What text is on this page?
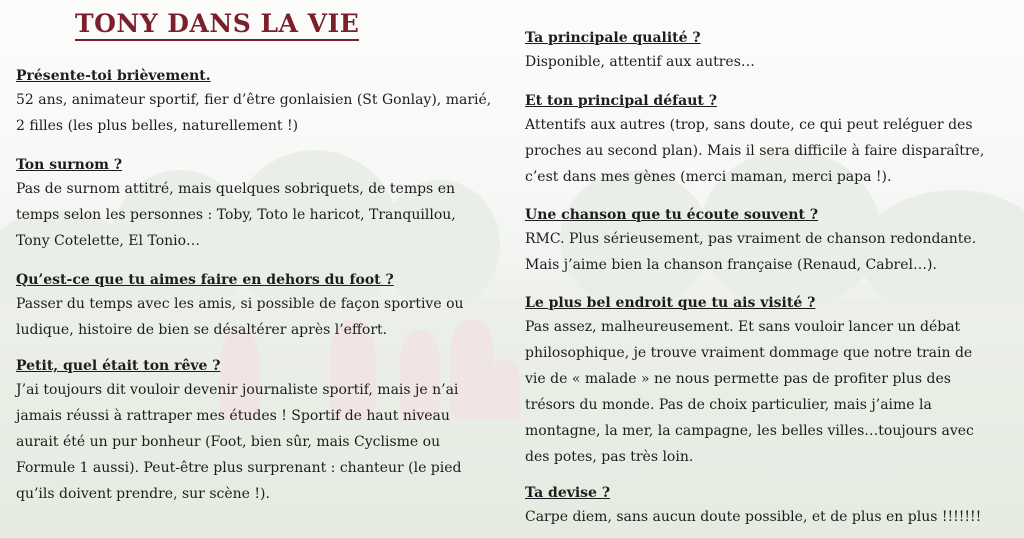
TONY DANS LA VIE

Présente-toi brièvement.

52 ans, animateur sportif, fier d’être gonlaisien (St Gonlay), marié,
2 filles (les plus belles, naturellement !)

Ton surnom ?

Pas de surnom attitré, mais quelques sobriquets, de temps en
temps selon les personnes : Toby, Toto le haricot, Tranquillou,
Tony Cotelette, El Tonio…

Qu’est-ce que tu aimes faire en dehors du foot ?

Passer du temps avec les amis, si possible de façon sportive ou
ludique, histoire de bien se désaltérer après l’effort.

Petit, quel était ton rêve ?

J’ai toujours dit vouloir devenir journaliste sportif, mais je n’ai
jamais réussi à rattraper mes études ! Sportif de haut niveau
aurait été un pur bonheur (Foot, bien sûr, mais Cyclisme ou
Formule 1 aussi). Peut-être plus surprenant : chanteur (le pied
qu’ils doivent prendre, sur scène !).

Ta principale qualité ?

Disponible, attentif aux autres…

Et ton principal défaut ?

Attentifs aux autres (trop, sans doute, ce qui peut reléguer des
proches au second plan). Mais il sera difficile à faire disparaître,
c’est dans mes gènes (merci maman, merci papa !).

Une chanson que tu écoute souvent ?

RMC. Plus sérieusement, pas vraiment de chanson redondante.
Mais j’aime bien la chanson française (Renaud, Cabrel…).

Le plus bel endroit que tu ais visité ?

Pas assez, malheureusement. Et sans vouloir lancer un débat
philosophique, je trouve vraiment dommage que notre train de
vie de « malade » ne nous permette pas de profiter plus des
trésors du monde. Pas de choix particulier, mais j’aime la
montagne, la mer, la campagne, les belles villes…toujours avec
des potes, pas très loin.

Ta devise ?

Carpe diem, sans aucun doute possible, et de plus en plus !!!!!!!
